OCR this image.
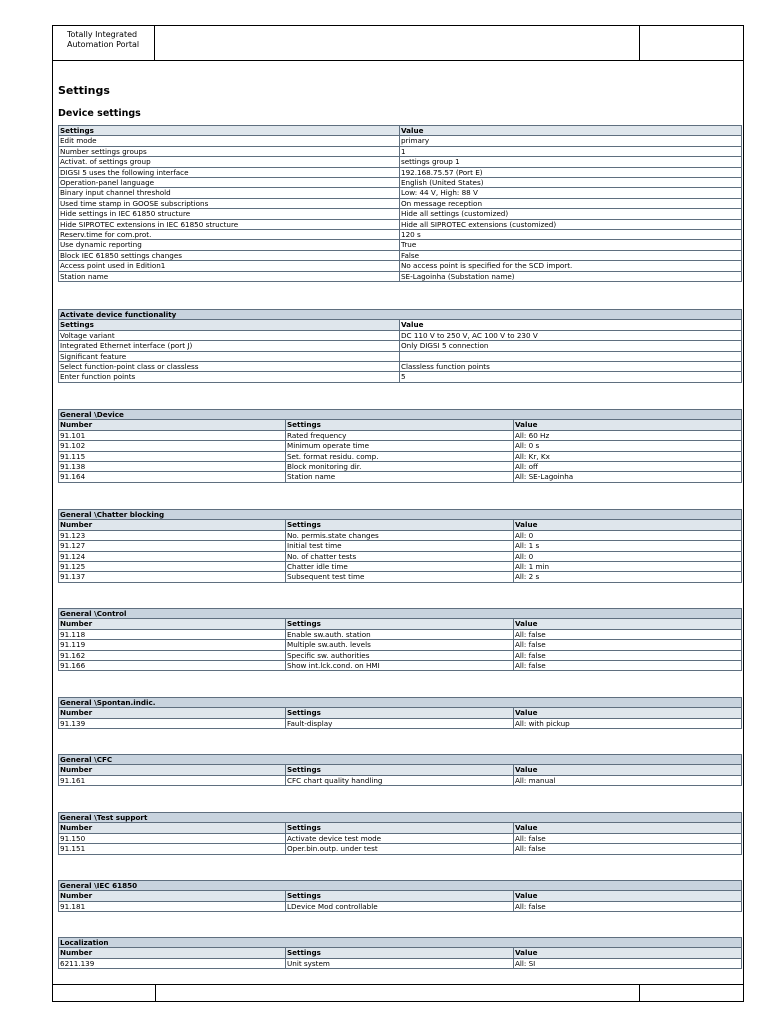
Totally Integrated
Automation Portal
Settings
Device settings
Settings	Value
Edit mode	primary
Number settings groups	1
Activat. of settings group	settings group 1
DIGSI 5 uses the following interface	192.168.75.57 (Port E)
Operation-panel language	English (United States)
Binary input channel threshold	Low: 44 V, High: 88 V
Used time stamp in GOOSE subscriptions	On message reception
Hide settings in IEC 61850 structure	Hide all settings (customized)
Hide SIPROTEC extensions in IEC 61850 structure	Hide all SIPROTEC extensions (customized)
Reserv.time for com.prot.	120 s
Use dynamic reporting	True
Block IEC 61850 settings changes	False
Access point used in Edition1	No access point is specified for the SCD import.
Station name	SE-Lagoinha (Substation name)
Activate device functionality	
Settings	Value
Voltage variant	DC 110 V to 250 V, AC 100 V to 230 V
Integrated Ethernet interface (port J)	Only DIGSI 5 connection
Significant feature	
Select function-point class or classless	Classless function points
Enter function points	5
General \Device		
Number	Settings	Value
91.101	Rated frequency	All: 60 Hz
91.102	Minimum operate time	All: 0 s
91.115	Set. format residu. comp.	All: Kr, Kx
91.138	Block monitoring dir.	All: off
91.164	Station name	All: SE-Lagoinha
General \Chatter blocking		
Number	Settings	Value
91.123	No. permis.state changes	All: 0
91.127	Initial test time	All: 1 s
91.124	No. of chatter tests	All: 0
91.125	Chatter idle time	All: 1 min
91.137	Subsequent test time	All: 2 s
General \Control		
Number	Settings	Value
91.118	Enable sw.auth. station	All: false
91.119	Multiple sw.auth. levels	All: false
91.162	Specific sw. authorities	All: false
91.166	Show int.lck.cond. on HMI	All: false
General \Spontan.indic.		
Number	Settings	Value
91.139	Fault-display	All: with pickup
General \CFC		
Number	Settings	Value
91.161	CFC chart quality handling	All: manual
General \Test support		
Number	Settings	Value
91.150	Activate device test mode	All: false
91.151	Oper.bin.outp. under test	All: false
General \IEC 61850		
Number	Settings	Value
91.181	LDevice Mod controllable	All: false
Localization		
Number	Settings	Value
6211.139	Unit system	All: SI
